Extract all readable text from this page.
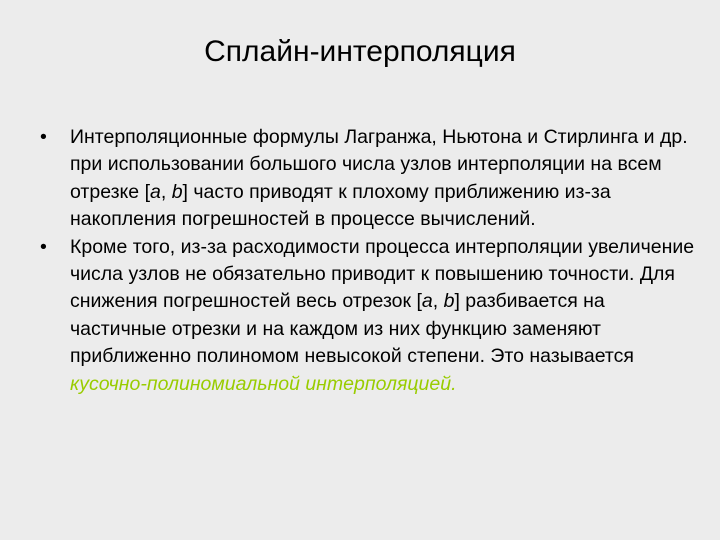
Сплайн-интерполяция
• Интерполяционные формулы Лагранжа, Ньютона и Стирлинга и др. при использовании большого числа узлов интерполяции на всем отрезке [a, b] часто приводят к плохому приближению из-за накопления погрешностей в процессе вычислений.
• Кроме того, из-за расходимости процесса интерполяции увеличение числа узлов не обязательно приводит к повышению точности. Для снижения погрешностей весь отрезок [a, b] разбивается на частичные отрезки и на каждом из них функцию заменяют приближенно полиномом невысокой степени. Это называется кусочно-полиномиальной интерполяцией.
